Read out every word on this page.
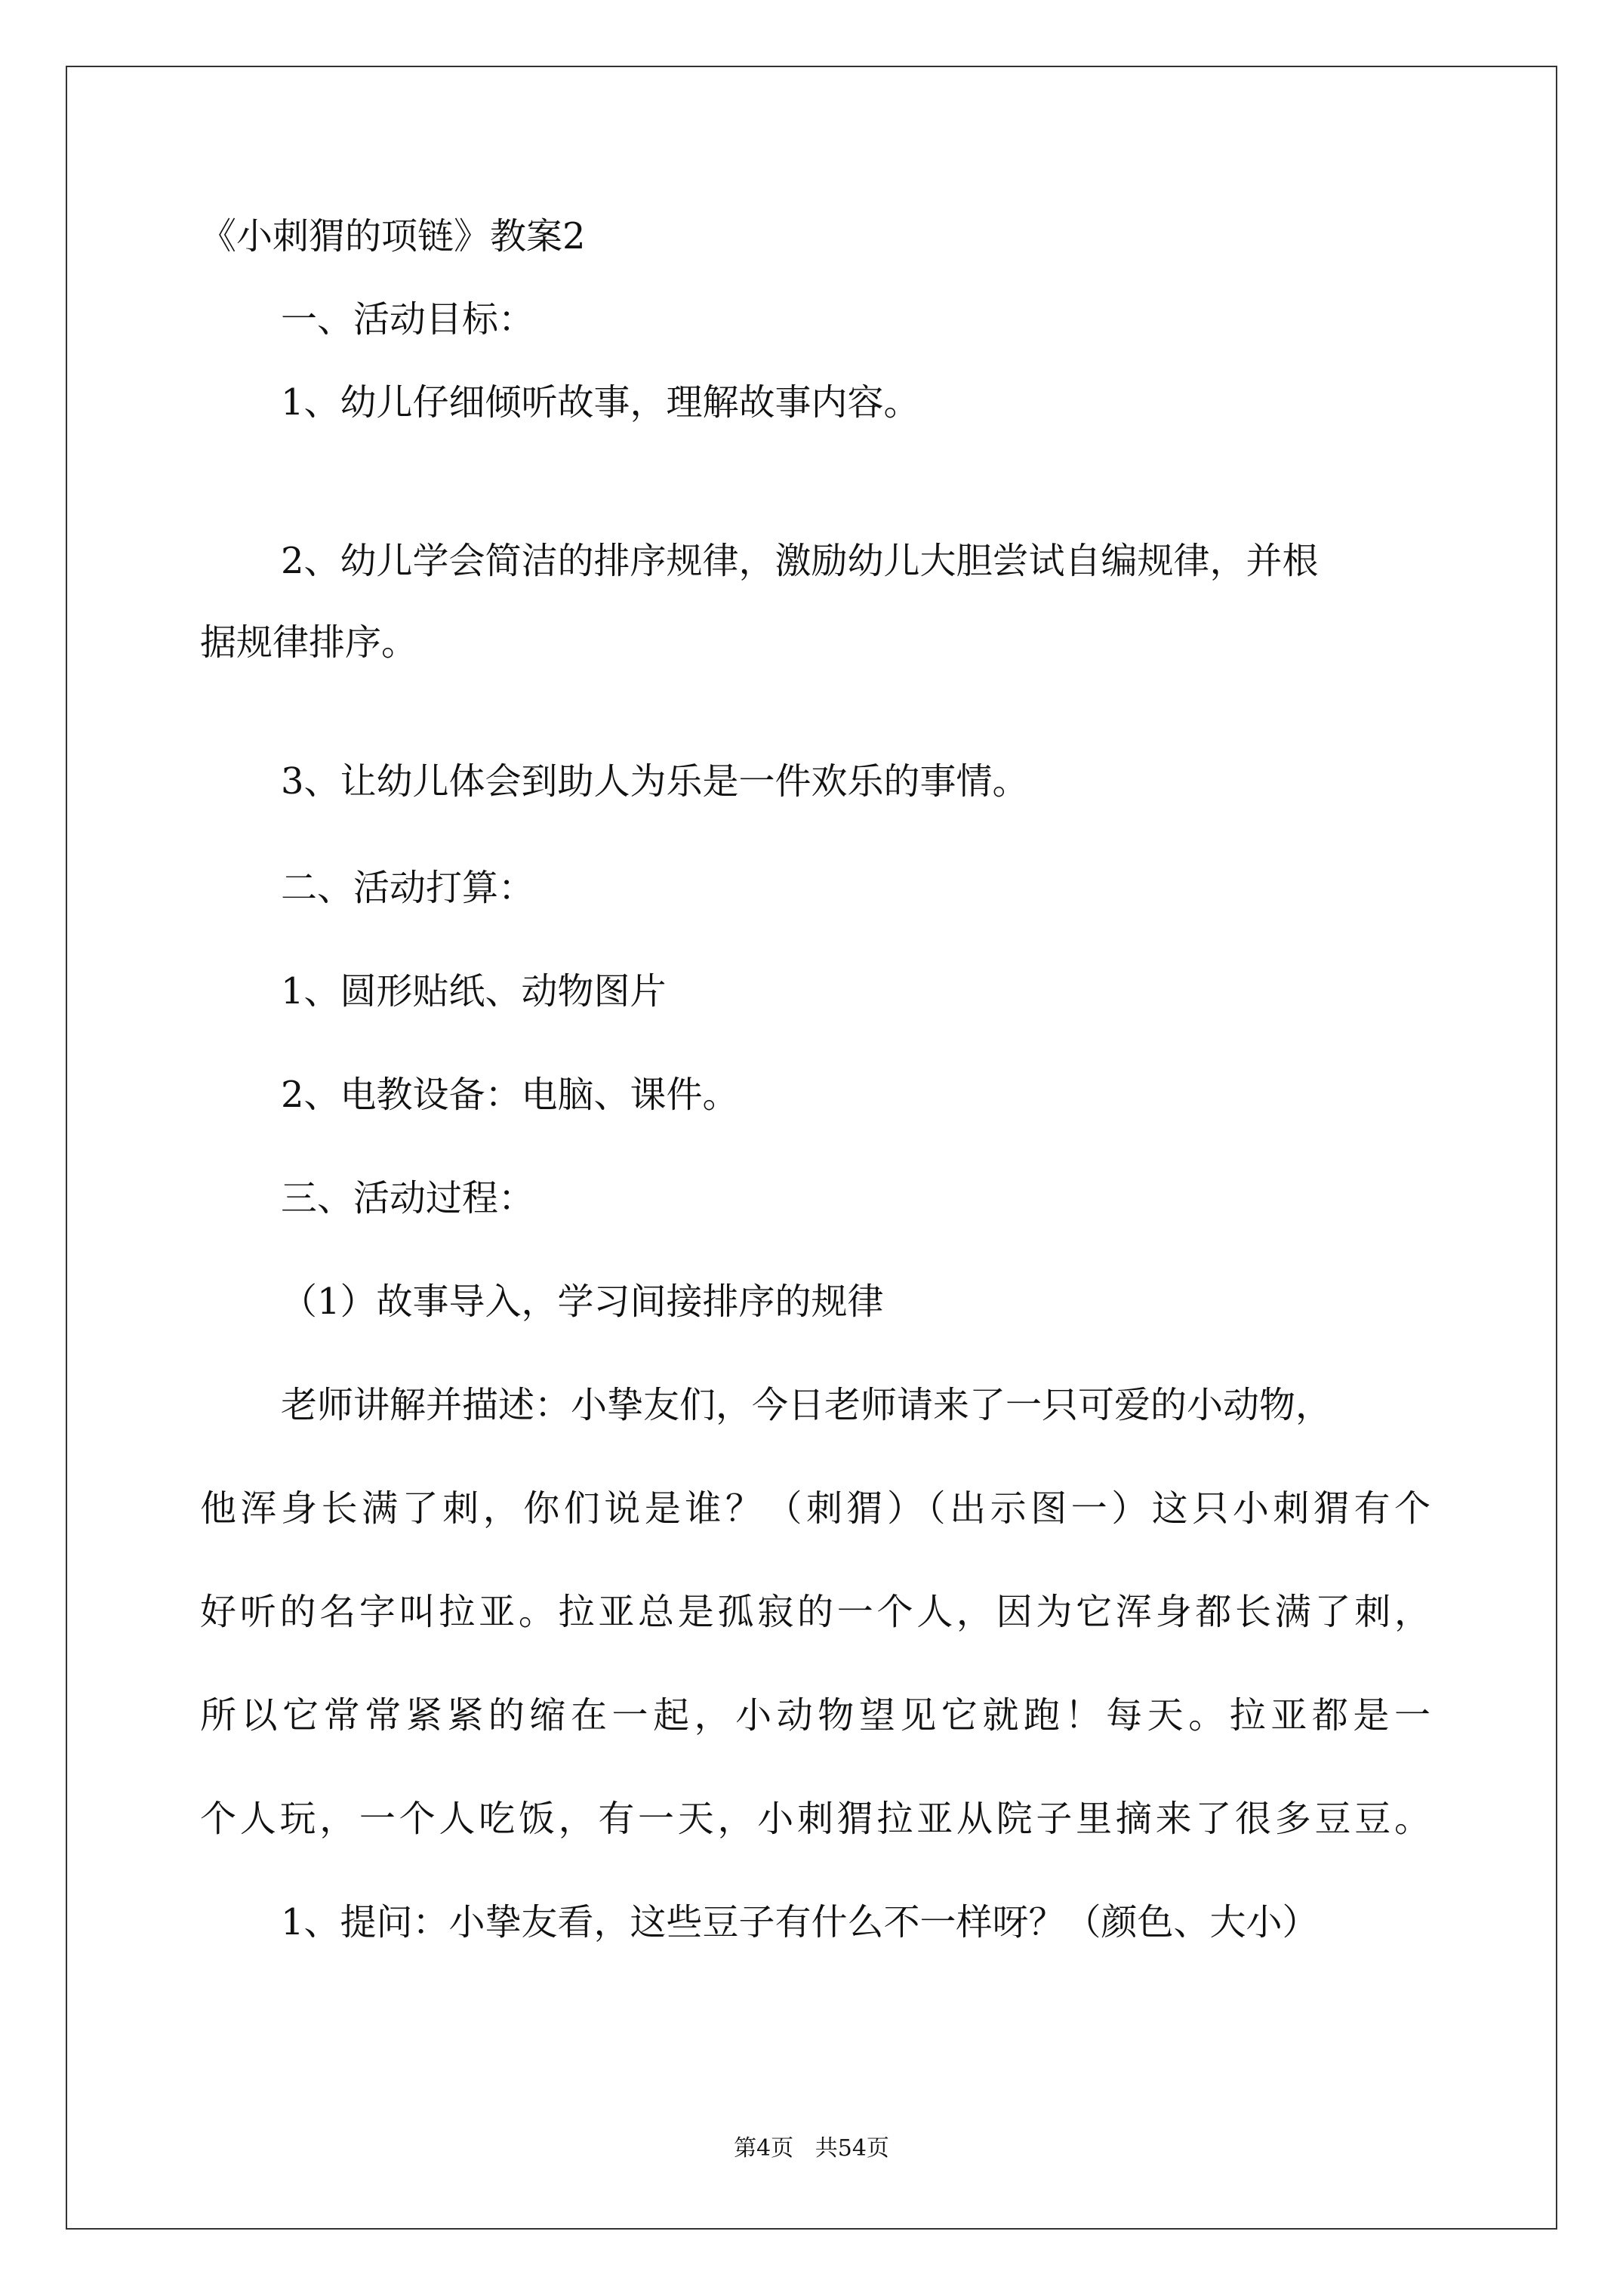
《小刺猬的项链》教案2
一、活动目标：
1、幼儿仔细倾听故事，理解故事内容。
2、幼儿学会简洁的排序规律，激励幼儿大胆尝试自编规律，并根
据规律排序。
3、让幼儿体会到助人为乐是一件欢乐的事情。
二、活动打算：
1、圆形贴纸、动物图片
2、电教设备：电脑、课件。
三、活动过程：
（1）故事导入，学习间接排序的规律
老师讲解并描述：小挚友们，今日老师请来了一只可爱的小动物，
他浑身长满了刺，你们说是谁？（刺猬）（出示图一）这只小刺猬有个
好听的名字叫拉亚。拉亚总是孤寂的一个人，因为它浑身都长满了刺，
所以它常常紧紧的缩在一起，小动物望见它就跑！每天。拉亚都是一
个人玩，一个人吃饭，有一天，小刺猬拉亚从院子里摘来了很多豆豆。
1、提问：小挚友看，这些豆子有什么不一样呀？（颜色、大小）
第4页   共54页
